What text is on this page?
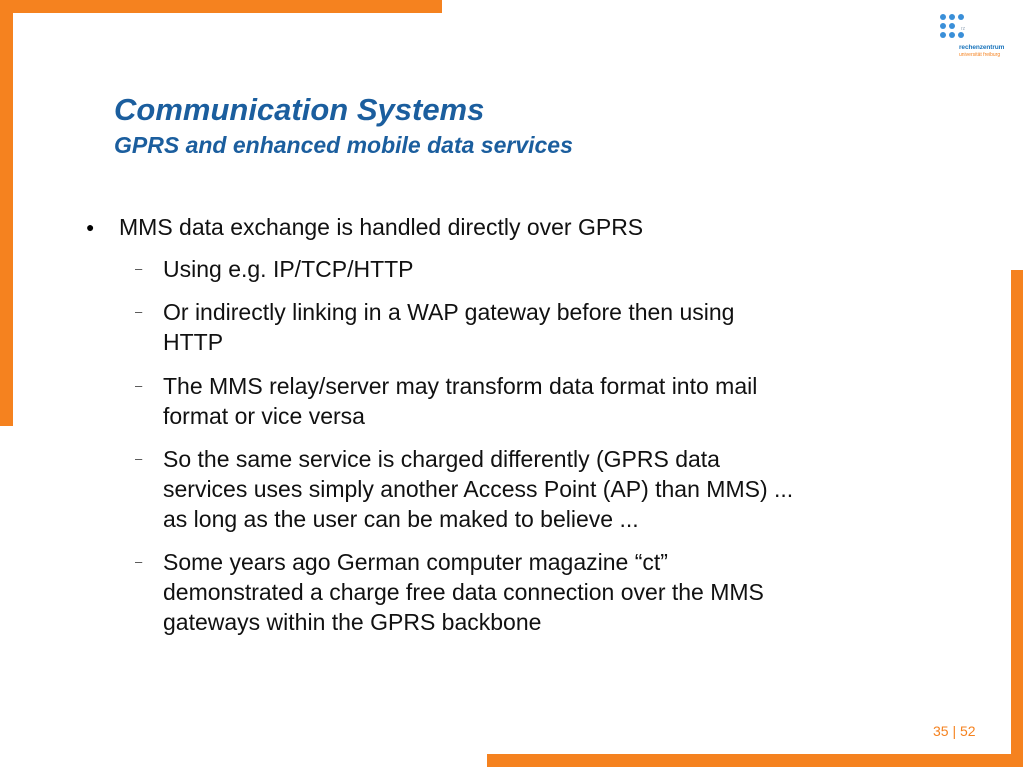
rz
rechenzentrum
universität freiburg
Communication Systems
GPRS and enhanced mobile data services
● MMS data exchange is handled directly over GPRS
– Using e.g. IP/TCP/HTTP
– Or indirectly linking in a WAP gateway before then using
HTTP
– The MMS relay/server may transform data format into mail
format or vice versa
– So the same service is charged differently (GPRS data
services uses simply another Access Point (AP) than MMS) ...
as long as the user can be maked to believe ...
– Some years ago German computer magazine “ct”
demonstrated a charge free data connection over the MMS
gateways within the GPRS backbone
35 | 52
